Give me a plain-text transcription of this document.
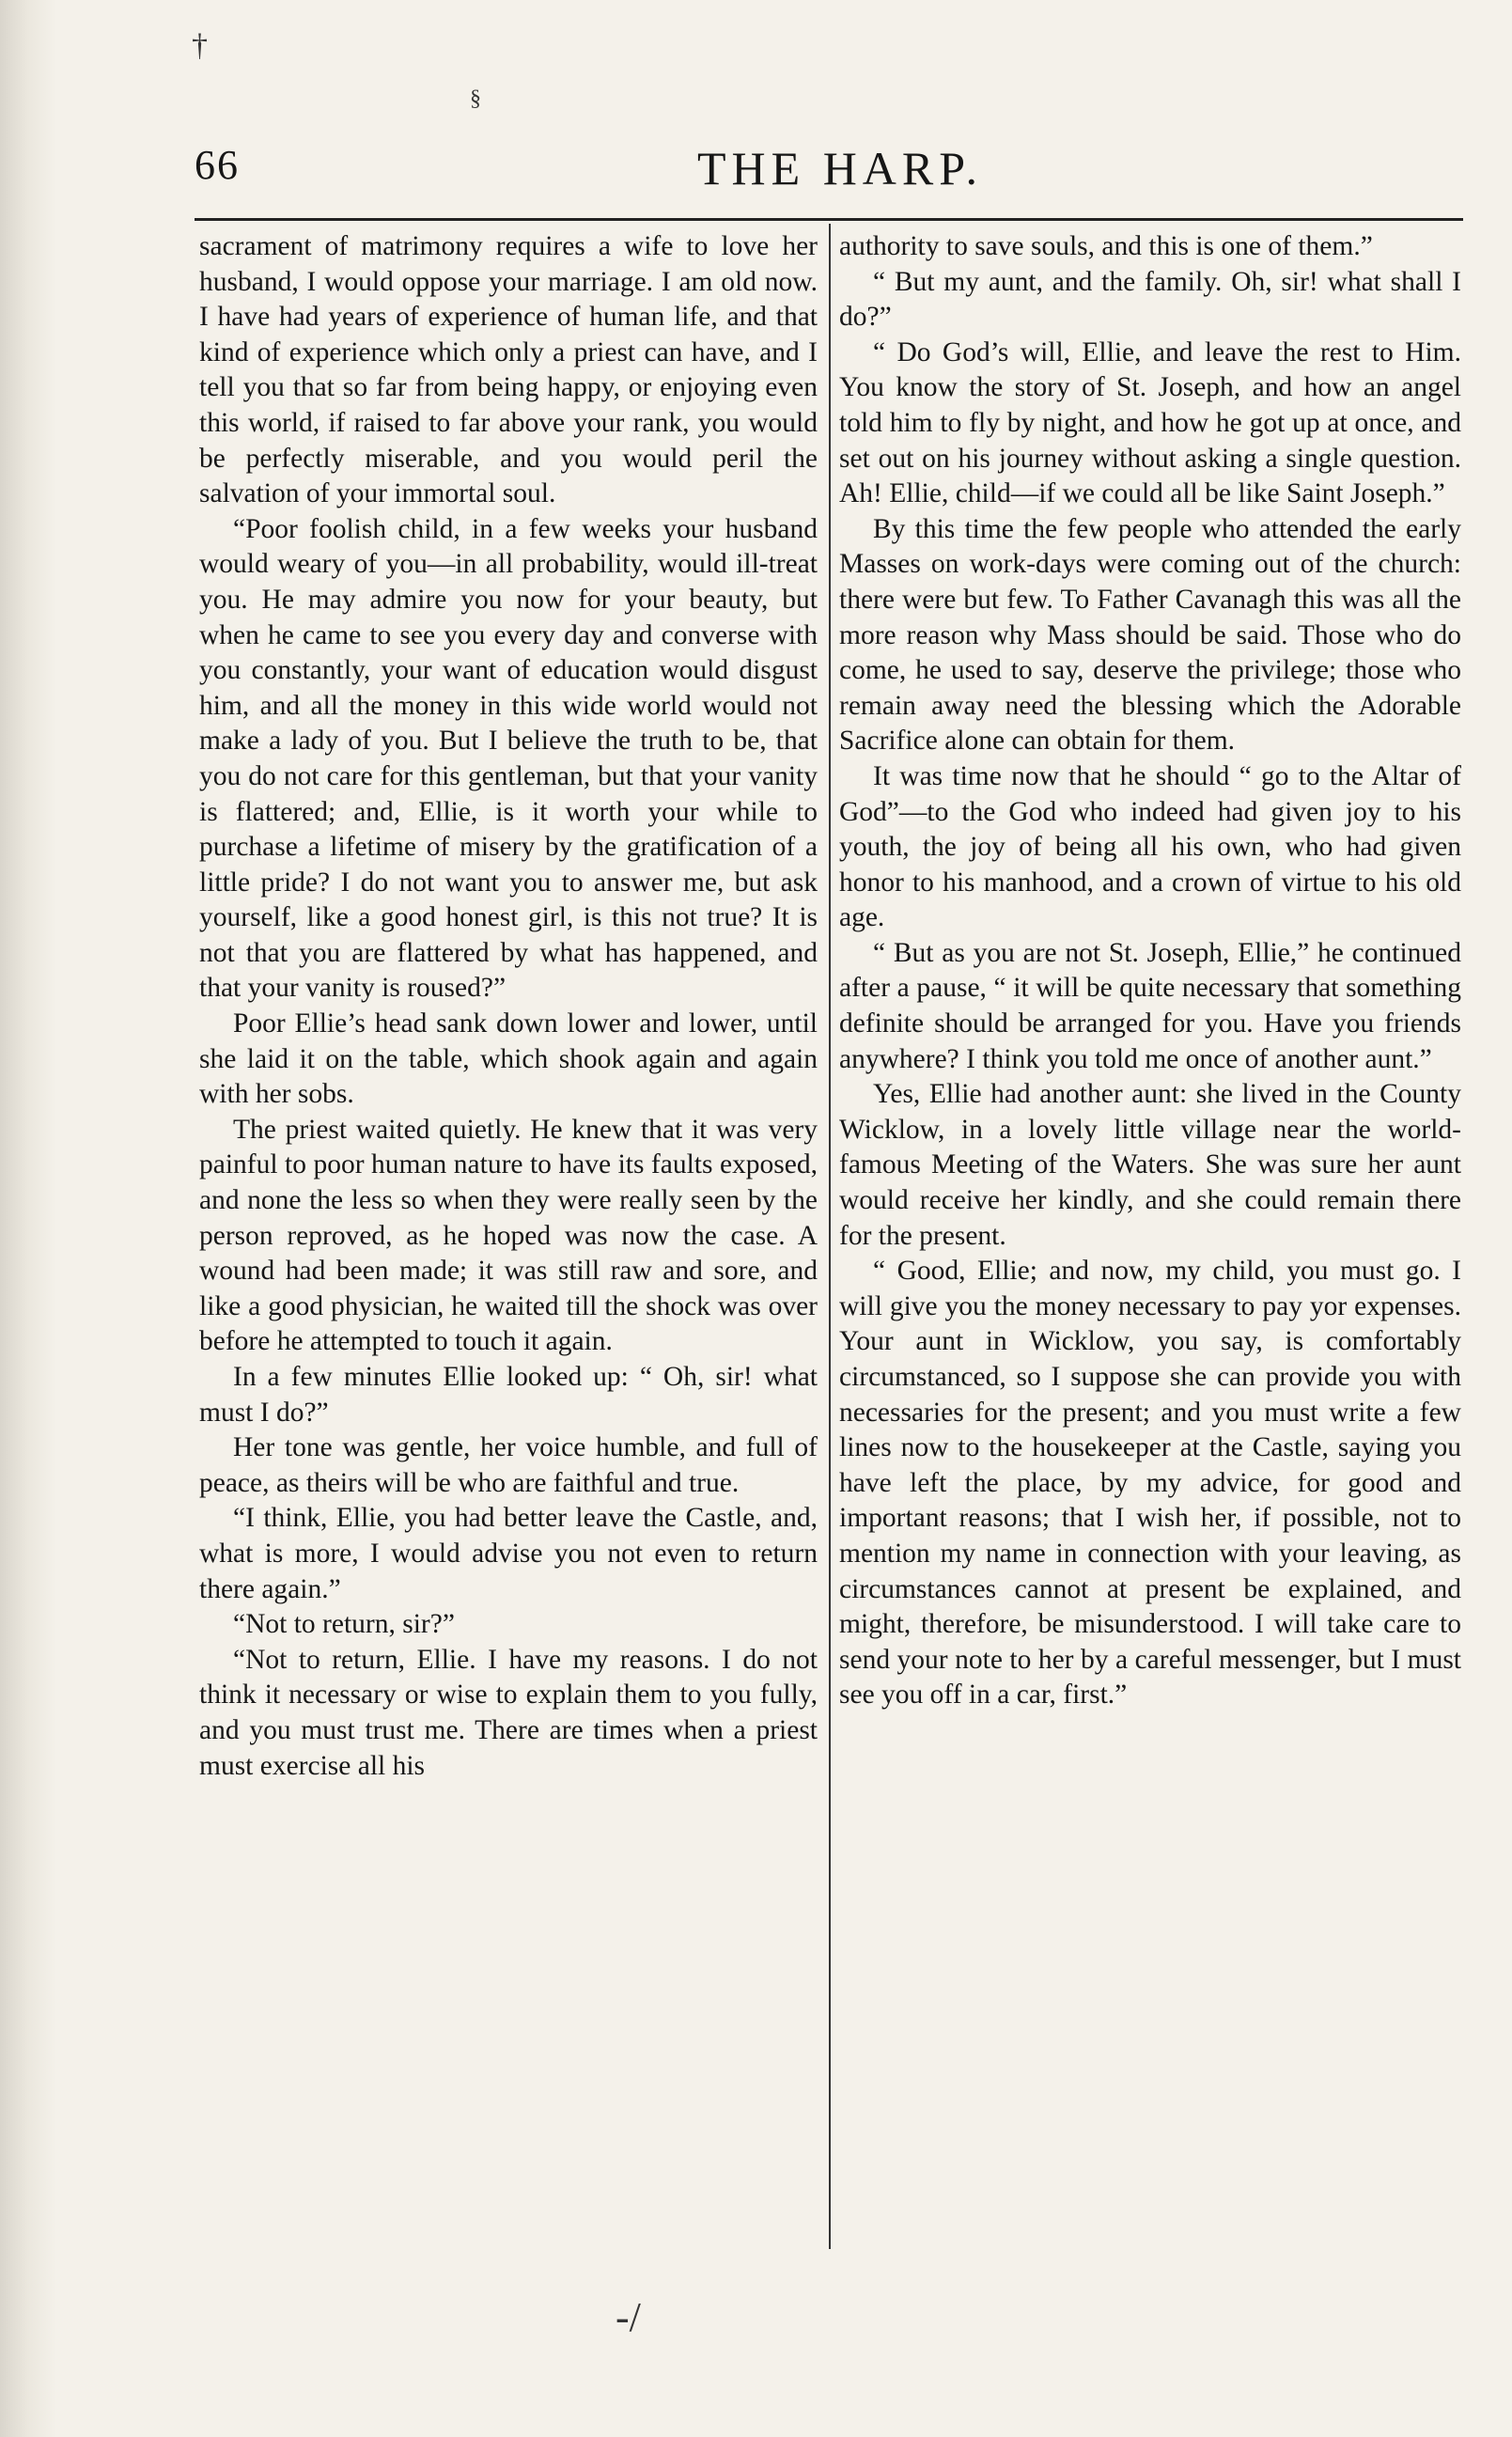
†
§
66	THE HARP.

sacrament of matrimony requires a wife to love her husband, I would oppose your marriage. I am old now. I have had years of experience of human life, and that kind of experience which only a priest can have, and I tell you that so far from being happy, or enjoying even this world, if raised to far above your rank, you would be perfectly miserable, and you would peril the salvation of your immortal soul.

“Poor foolish child, in a few weeks your husband would weary of you—in all probability, would ill-treat you. He may admire you now for your beauty, but when he came to see you every day and converse with you constantly, your want of education would disgust him, and all the money in this wide world would not make a lady of you. But I believe the truth to be, that you do not care for this gentleman, but that your vanity is flattered; and, Ellie, is it worth your while to purchase a lifetime of misery by the gratification of a little pride? I do not want you to answer me, but ask yourself, like a good honest girl, is this not true? It is not that you are flattered by what has happened, and that your vanity is roused?”

Poor Ellie’s head sank down lower and lower, until she laid it on the table, which shook again and again with her sobs.

The priest waited quietly. He knew that it was very painful to poor human nature to have its faults exposed, and none the less so when they were really seen by the person reproved, as he hoped was now the case. A wound had been made; it was still raw and sore, and like a good physician, he waited till the shock was over before he attempted to touch it again.

In a few minutes Ellie looked up: “ Oh, sir! what must I do?”

Her tone was gentle, her voice humble, and full of peace, as theirs will be who are faithful and true.

“I think, Ellie, you had better leave the Castle, and, what is more, I would advise you not even to return there again.”

“Not to return, sir?”

“Not to return, Ellie. I have my reasons. I do not think it necessary or wise to explain them to you fully, and you must trust me. There are times when a priest must exercise all his

authority to save souls, and this is one of them.”

“ But my aunt, and the family. Oh, sir! what shall I do?”

“ Do God’s will, Ellie, and leave the rest to Him. You know the story of St. Joseph, and how an angel told him to fly by night, and how he got up at once, and set out on his journey without asking a single question. Ah! Ellie, child—if we could all be like Saint Joseph.”

By this time the few people who attended the early Masses on work-days were coming out of the church: there were but few. To Father Cavanagh this was all the more reason why Mass should be said. Those who do come, he used to say, deserve the privilege; those who remain away need the blessing which the Adorable Sacrifice alone can obtain for them.

It was time now that he should “ go to the Altar of God”—to the God who indeed had given joy to his youth, the joy of being all his own, who had given honor to his manhood, and a crown of virtue to his old age.

“ But as you are not St. Joseph, Ellie,” he continued after a pause, “ it will be quite necessary that something definite should be arranged for you. Have you friends anywhere? I think you told me once of another aunt.”

Yes, Ellie had another aunt: she lived in the County Wicklow, in a lovely little village near the world-famous Meeting of the Waters. She was sure her aunt would receive her kindly, and she could remain there for the present.

“ Good, Ellie; and now, my child, you must go. I will give you the money necessary to pay yor expenses. Your aunt in Wicklow, you say, is comfortably circumstanced, so I suppose she can provide you with necessaries for the present; and you must write a few lines now to the housekeeper at the Castle, saying you have left the place, by my advice, for good and important reasons; that I wish her, if possible, not to mention my name in connection with your leaving, as circumstances cannot at present be explained, and might, therefore, be misunderstood. I will take care to send your note to her by a careful messenger, but I must see you off in a car, first.”

-/
